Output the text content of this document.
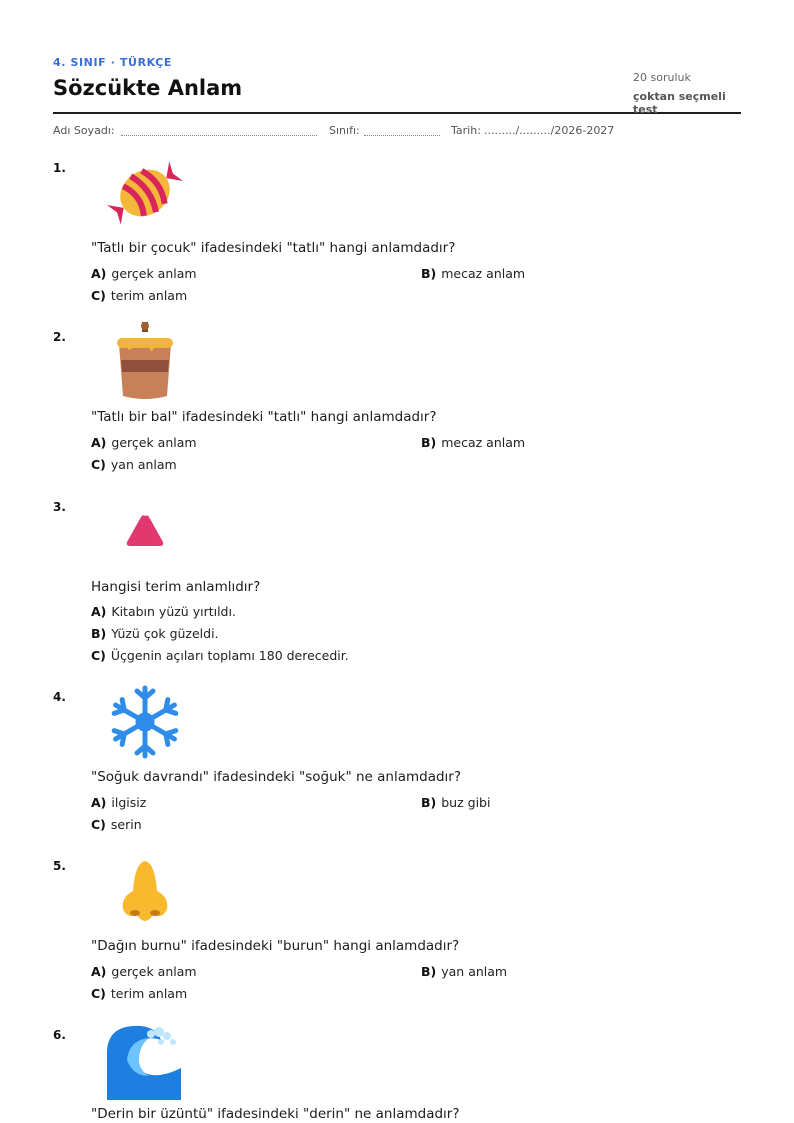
4. SINIF · TÜRKÇE
Sözcükte Anlam	20 soruluk
çoktan seçmeli test
Adı Soyadı:	Sınıfı:	Tarih: ........./........./2026-2027
1.
"Tatlı bir çocuk" ifadesindeki "tatlı" hangi anlamdadır?
A) gerçek anlam	B) mecaz anlam
C) terim anlam
2.
"Tatlı bir bal" ifadesindeki "tatlı" hangi anlamdadır?
A) gerçek anlam	B) mecaz anlam
C) yan anlam
3.
Hangisi terim anlamlıdır?
A) Kitabın yüzü yırtıldı.
B) Yüzü çok güzeldi.
C) Üçgenin açıları toplamı 180 derecedir.
4.
"Soğuk davrandı" ifadesindeki "soğuk" ne anlamdadır?
A) ilgisiz	B) buz gibi
C) serin
5.
"Dağın burnu" ifadesindeki "burun" hangi anlamdadır?
A) gerçek anlam	B) yan anlam
C) terim anlam
6.
"Derin bir üzüntü" ifadesindeki "derin" ne anlamdadır?
